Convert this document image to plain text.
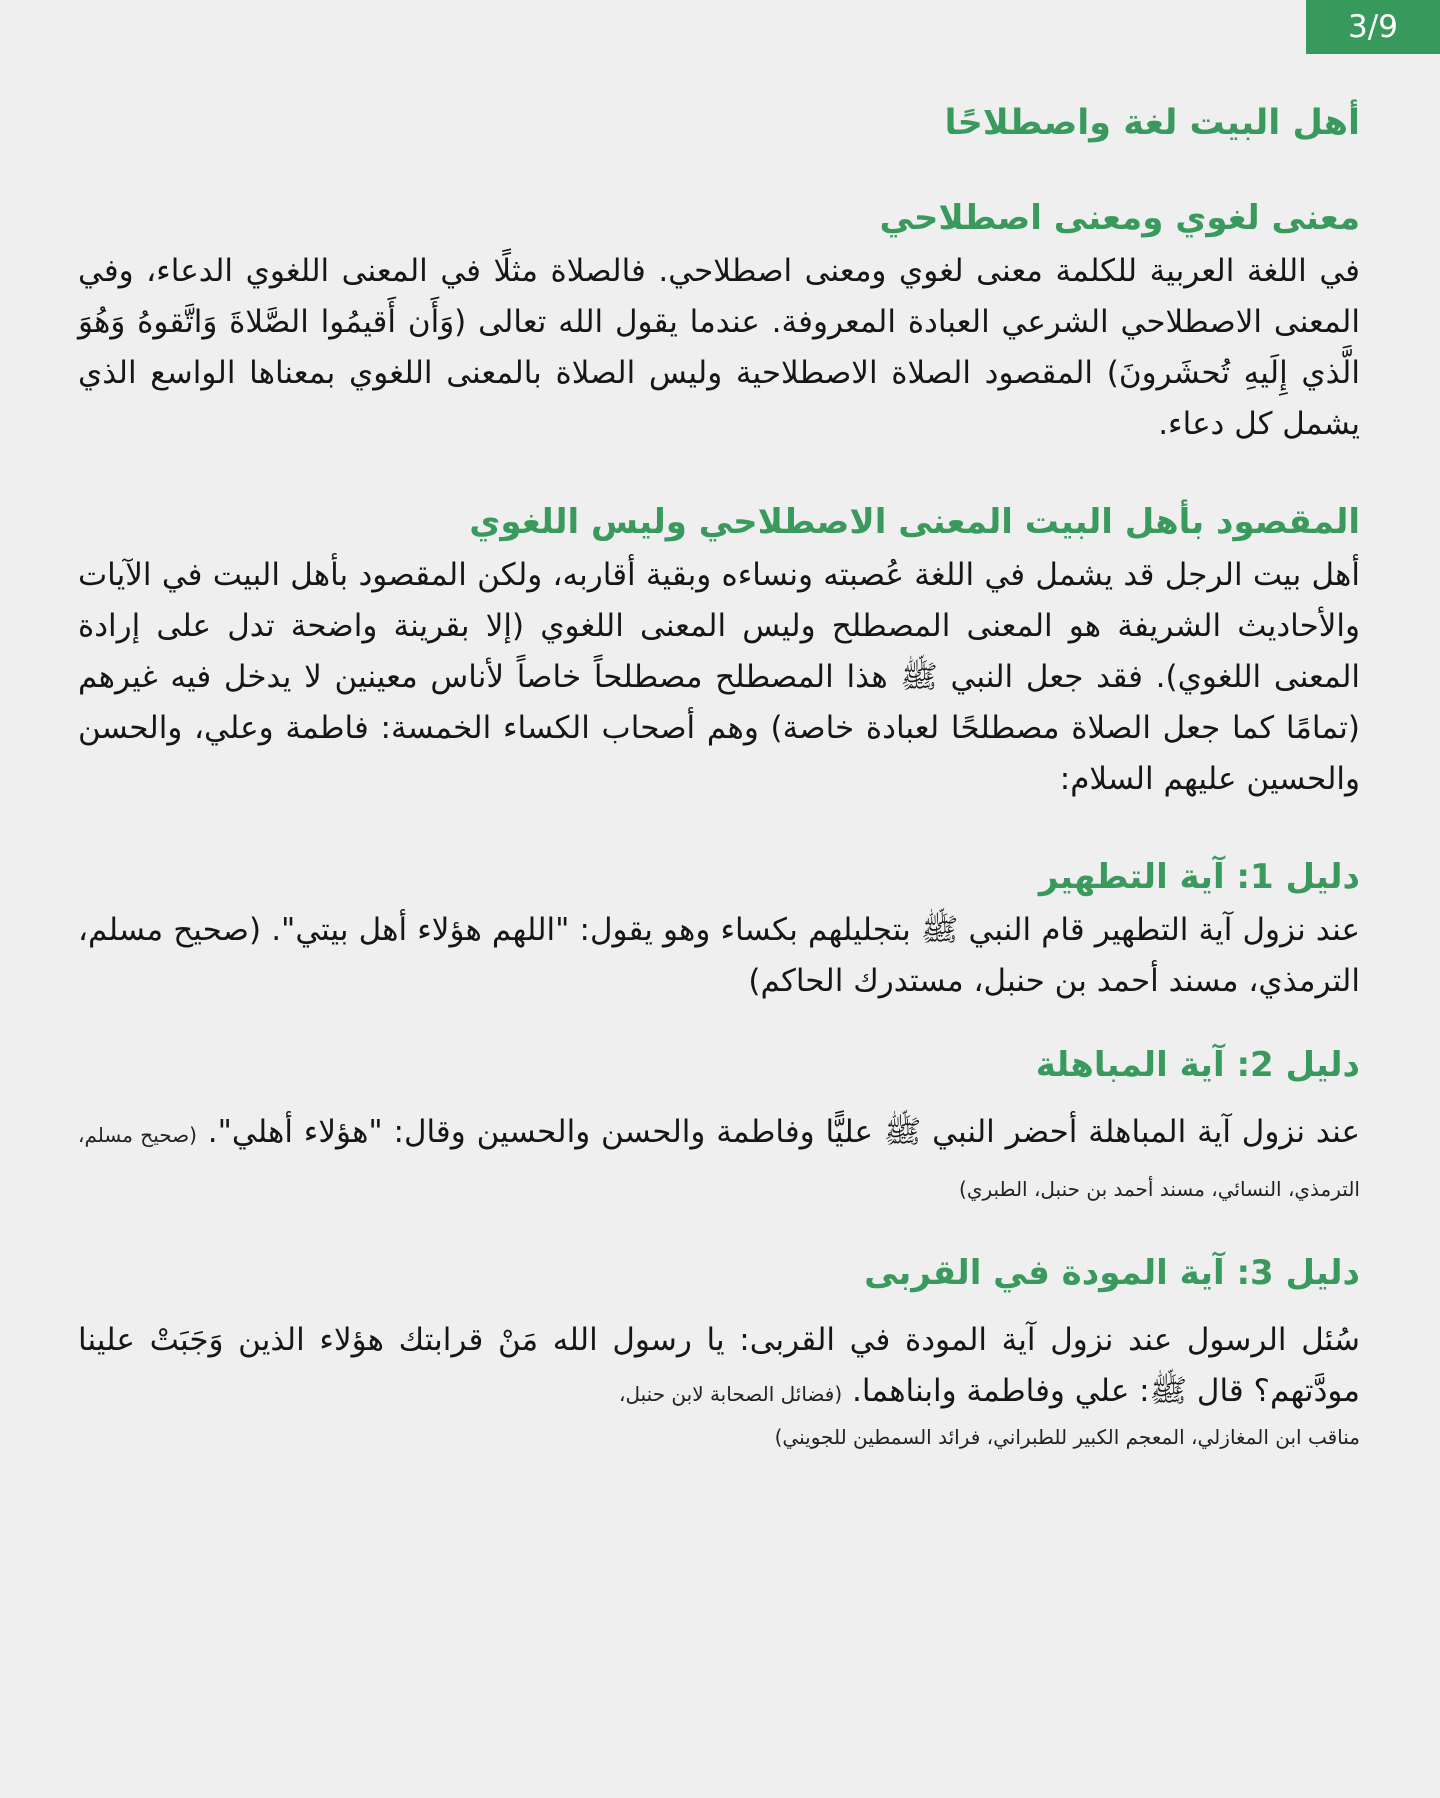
3/9
أهل البيت لغة واصطلاحًا
معنى لغوي ومعنى اصطلاحي

في اللغة العربية للكلمة معنى لغوي ومعنى اصطلاحي. فالصلاة مثلًا في المعنى اللغوي الدعاء، وفي المعنى الاصطلاحي الشرعي العبادة المعروفة. عندما يقول الله تعالى (وَأَن أَقيمُوا الصَّلاةَ وَاتَّقوهُ وَهُوَ الَّذي إِلَيهِ تُحشَرونَ) المقصود الصلاة الاصطلاحية وليس الصلاة بالمعنى اللغوي بمعناها الواسع الذي يشمل كل دعاء.

المقصود بأهل البيت المعنى الاصطلاحي وليس اللغوي

أهل بيت الرجل قد يشمل في اللغة عُصبته ونساءه وبقية أقاربه، ولكن المقصود بأهل البيت في الآيات والأحاديث الشريفة هو المعنى المصطلح وليس المعنى اللغوي (إلا بقرينة واضحة تدل على إرادة المعنى اللغوي). فقد جعل النبي ﷺ هذا المصطلح مصطلحاً خاصاً لأناس معينين لا يدخل فيه غيرهم (تمامًا كما جعل الصلاة مصطلحًا لعبادة خاصة) وهم أصحاب الكساء الخمسة: فاطمة وعلي، والحسن والحسين عليهم السلام:

دليل 1: آية التطهير

عند نزول آية التطهير قام النبي ﷺ بتجليلهم بكساء وهو يقول: "اللهم هؤلاء أهل بيتي". (صحيح مسلم، الترمذي، مسند أحمد بن حنبل، مستدرك الحاكم)

دليل 2: آية المباهلة

عند نزول آية المباهلة أحضر النبي ﷺ عليًّا وفاطمة والحسن والحسين وقال: "هؤلاء أهلي". (صحيح مسلم، الترمذي، النسائي، مسند أحمد بن حنبل، الطبري)

دليل 3: آية المودة في القربى

سُئل الرسول عند نزول آية المودة في القربى: يا رسول الله مَنْ قرابتك هؤلاء الذين وَجَبَتْ علينا مودَّتهم؟ قال ﷺ: علي وفاطمة وابناهما. (فضائل الصحابة لابن حنبل،

مناقب ابن المغازلي، المعجم الكبير للطبراني، فرائد السمطين للجويني)
